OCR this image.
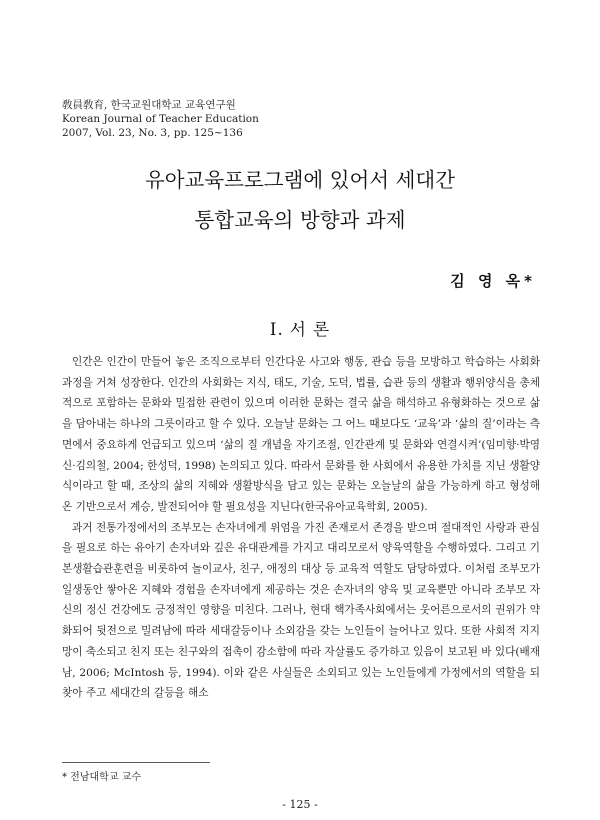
敎員敎育, 한국교원대학교 교육연구원
Korean Journal of Teacher Education
2007, Vol. 23, No. 3, pp. 125~136
유아교육프로그램에 있어서 세대간
통합교육의 방향과 과제
김 영 옥*
Ⅰ. 서 론

인간은 인간이 만들어 놓은 조직으로부터 인간다운 사고와 행동, 관습 등을 모방하고 학습하는 사회화 과정을 거쳐 성장한다. 인간의 사회화는 지식, 태도, 기술, 도덕, 법률, 습관 등의 생활과 행위양식을 총체적으로 포함하는 문화와 밀접한 관련이 있으며 이러한 문화는 결국 삶을 해석하고 유형화하는 것으로 삶을 담아내는 하나의 그릇이라고 할 수 있다. 오늘날 문화는 그 어느 때보다도 ‘교육’과 ‘삶의 질’이라는 측면에서 중요하게 언급되고 있으며 ‘삶의 질 개념을 자기조절, 인간관계 및 문화와 연결시켜’(임미향·박영신·김의철, 2004; 한성덕, 1998) 논의되고 있다. 따라서 문화를 한 사회에서 유용한 가치를 지닌 생활양식이라고 할 때, 조상의 삶의 지혜와 생활방식을 담고 있는 문화는 오늘날의 삶을 가능하게 하고 형성해 온 기반으로서 계승, 발전되어야 할 필요성을 지닌다(한국유아교육학회, 2005).

과거 전통가정에서의 조부모는 손자녀에게 위엄을 가진 존재로서 존경을 받으며 절대적인 사랑과 관심을 필요로 하는 유아기 손자녀와 깊은 유대관계를 가지고 대리모로서 양육역할을 수행하였다. 그리고 기본생활습관훈련을 비롯하여 놀이교사, 친구, 애정의 대상 등 교육적 역할도 담당하였다. 이처럼 조부모가 일생동안 쌓아온 지혜와 경험을 손자녀에게 제공하는 것은 손자녀의 양육 및 교육뿐만 아니라 조부모 자신의 정신 건강에도 긍정적인 영향을 미친다. 그러나, 현대 핵가족사회에서는 웃어른으로서의 권위가 약화되어 뒷전으로 밀려남에 따라 세대갈등이나 소외감을 갖는 노인들이 늘어나고 있다. 또한 사회적 지지망이 축소되고 친지 또는 친구와의 접촉이 감소함에 따라 자살률도 증가하고 있음이 보고된 바 있다(배재남, 2006; McIntosh 등, 1994). 이와 같은 사실들은 소외되고 있는 노인들에게 가정에서의 역할을 되찾아 주고 세대간의 갈등을 해소

* 전남대학교 교수
- 125 -
